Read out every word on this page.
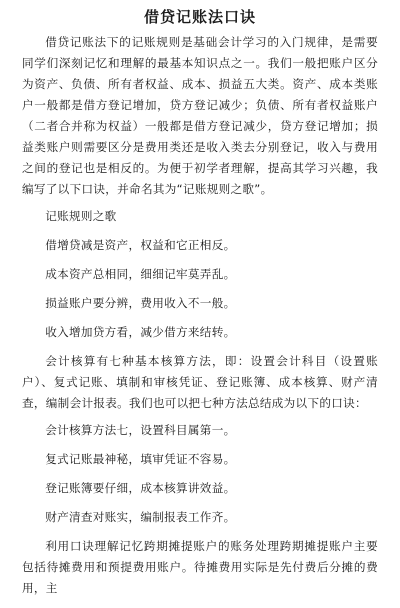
借贷记账法口诀

借贷记账法下的记账规则是基础会计学习的入门规律，是需要同学们深刻记忆和理解的最基本知识点之一。我们一般把账户区分为资产、负债、所有者权益、成本、损益五大类。资产、成本类账户一般都是借方登记增加，贷方登记减少；负债、所有者权益账户（二者合并称为权益）一般都是借方登记减少，贷方登记增加；损益类账户则需要区分是费用类还是收入类去分别登记，收入与费用之间的登记也是相反的。为便于初学者理解，提高其学习兴趣，我编写了以下口诀，并命名其为“记账规则之歌”。

记账规则之歌
借增贷减是资产，权益和它正相反。
成本资产总相同，细细记牢莫弄乱。
损益账户要分辨，费用收入不一般。
收入增加贷方看，减少借方来结转。

会计核算有七种基本核算方法，即：设置会计科目（设置账户）、复式记账、填制和审核凭证、登记账簿、成本核算、财产清查，编制会计报表。我们也可以把七种方法总结成为以下的口诀：

会计核算方法七，设置科目属第一。
复式记账最神秘，填审凭证不容易。
登记账簿要仔细，成本核算讲效益。
财产清查对账实，编制报表工作齐。

利用口诀理解记忆跨期摊提账户的账务处理跨期摊提账户主要包括待摊费用和预提费用账户。待摊费用实际是先付费后分摊的费用，主
